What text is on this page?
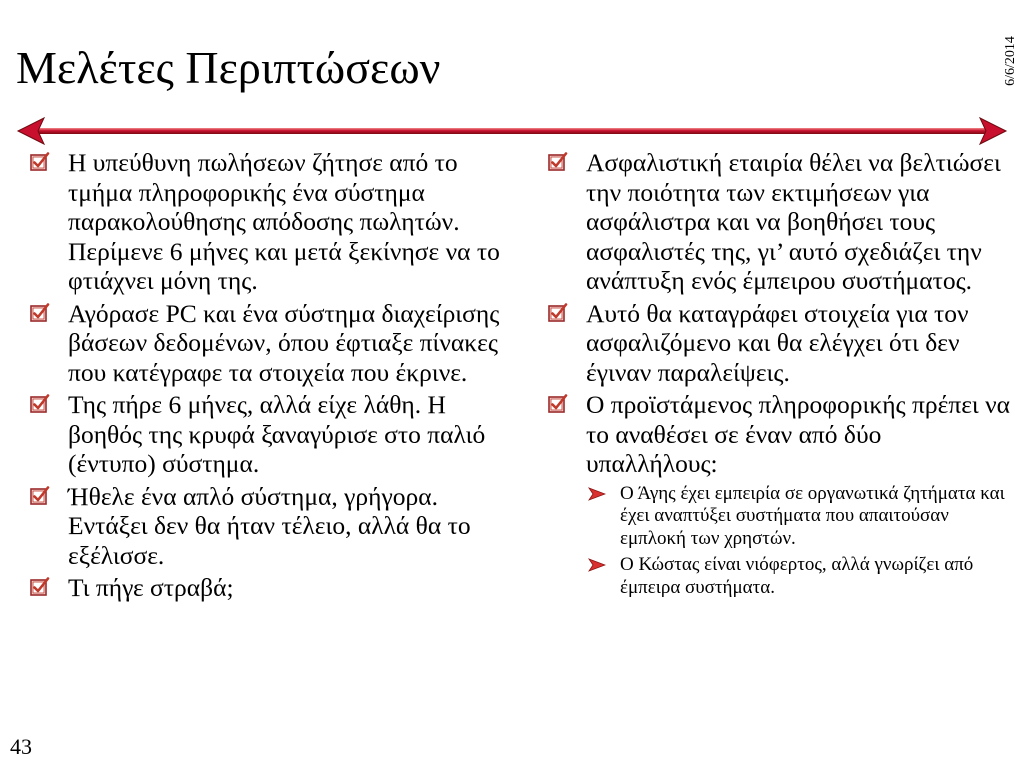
Μελέτες Περιπτώσεων	6/6/2014
Η υπεύθυνη πωλήσεων ζήτησε από το τμήμα πληροφορικής ένα σύστημα παρακολούθησης απόδοσης πωλητών. Περίμενε 6 μήνες και μετά ξεκίνησε να το φτιάχνει μόνη της.
Αγόρασε PC και ένα σύστημα διαχείρισης βάσεων δεδομένων, όπου έφτιαξε πίνακες που κατέγραφε τα στοιχεία που έκρινε.
Της πήρε 6 μήνες, αλλά είχε λάθη. Η βοηθός της κρυφά ξαναγύρισε στο παλιό (έντυπο) σύστημα.
Ήθελε ένα απλό σύστημα, γρήγορα. Εντάξει δεν θα ήταν τέλειο, αλλά θα το εξέλισσε.
Τι πήγε στραβά;
Ασφαλιστική εταιρία θέλει να βελτιώσει την ποιότητα των εκτιμήσεων για ασφάλιστρα και να βοηθήσει τους ασφαλιστές της, γι’ αυτό σχεδιάζει την ανάπτυξη ενός έμπειρου συστήματος.
Αυτό θα καταγράφει στοιχεία για τον ασφαλιζόμενο και θα ελέγχει ότι δεν έγιναν παραλείψεις.
Ο προϊστάμενος πληροφορικής πρέπει να το αναθέσει σε έναν από δύο υπαλλήλους:
Ο Άγης έχει εμπειρία σε οργανωτικά ζητήματα και έχει αναπτύξει συστήματα που απαιτούσαν εμπλοκή των χρηστών.
Ο Κώστας είναι νιόφερτος, αλλά γνωρίζει από έμπειρα συστήματα.
43
